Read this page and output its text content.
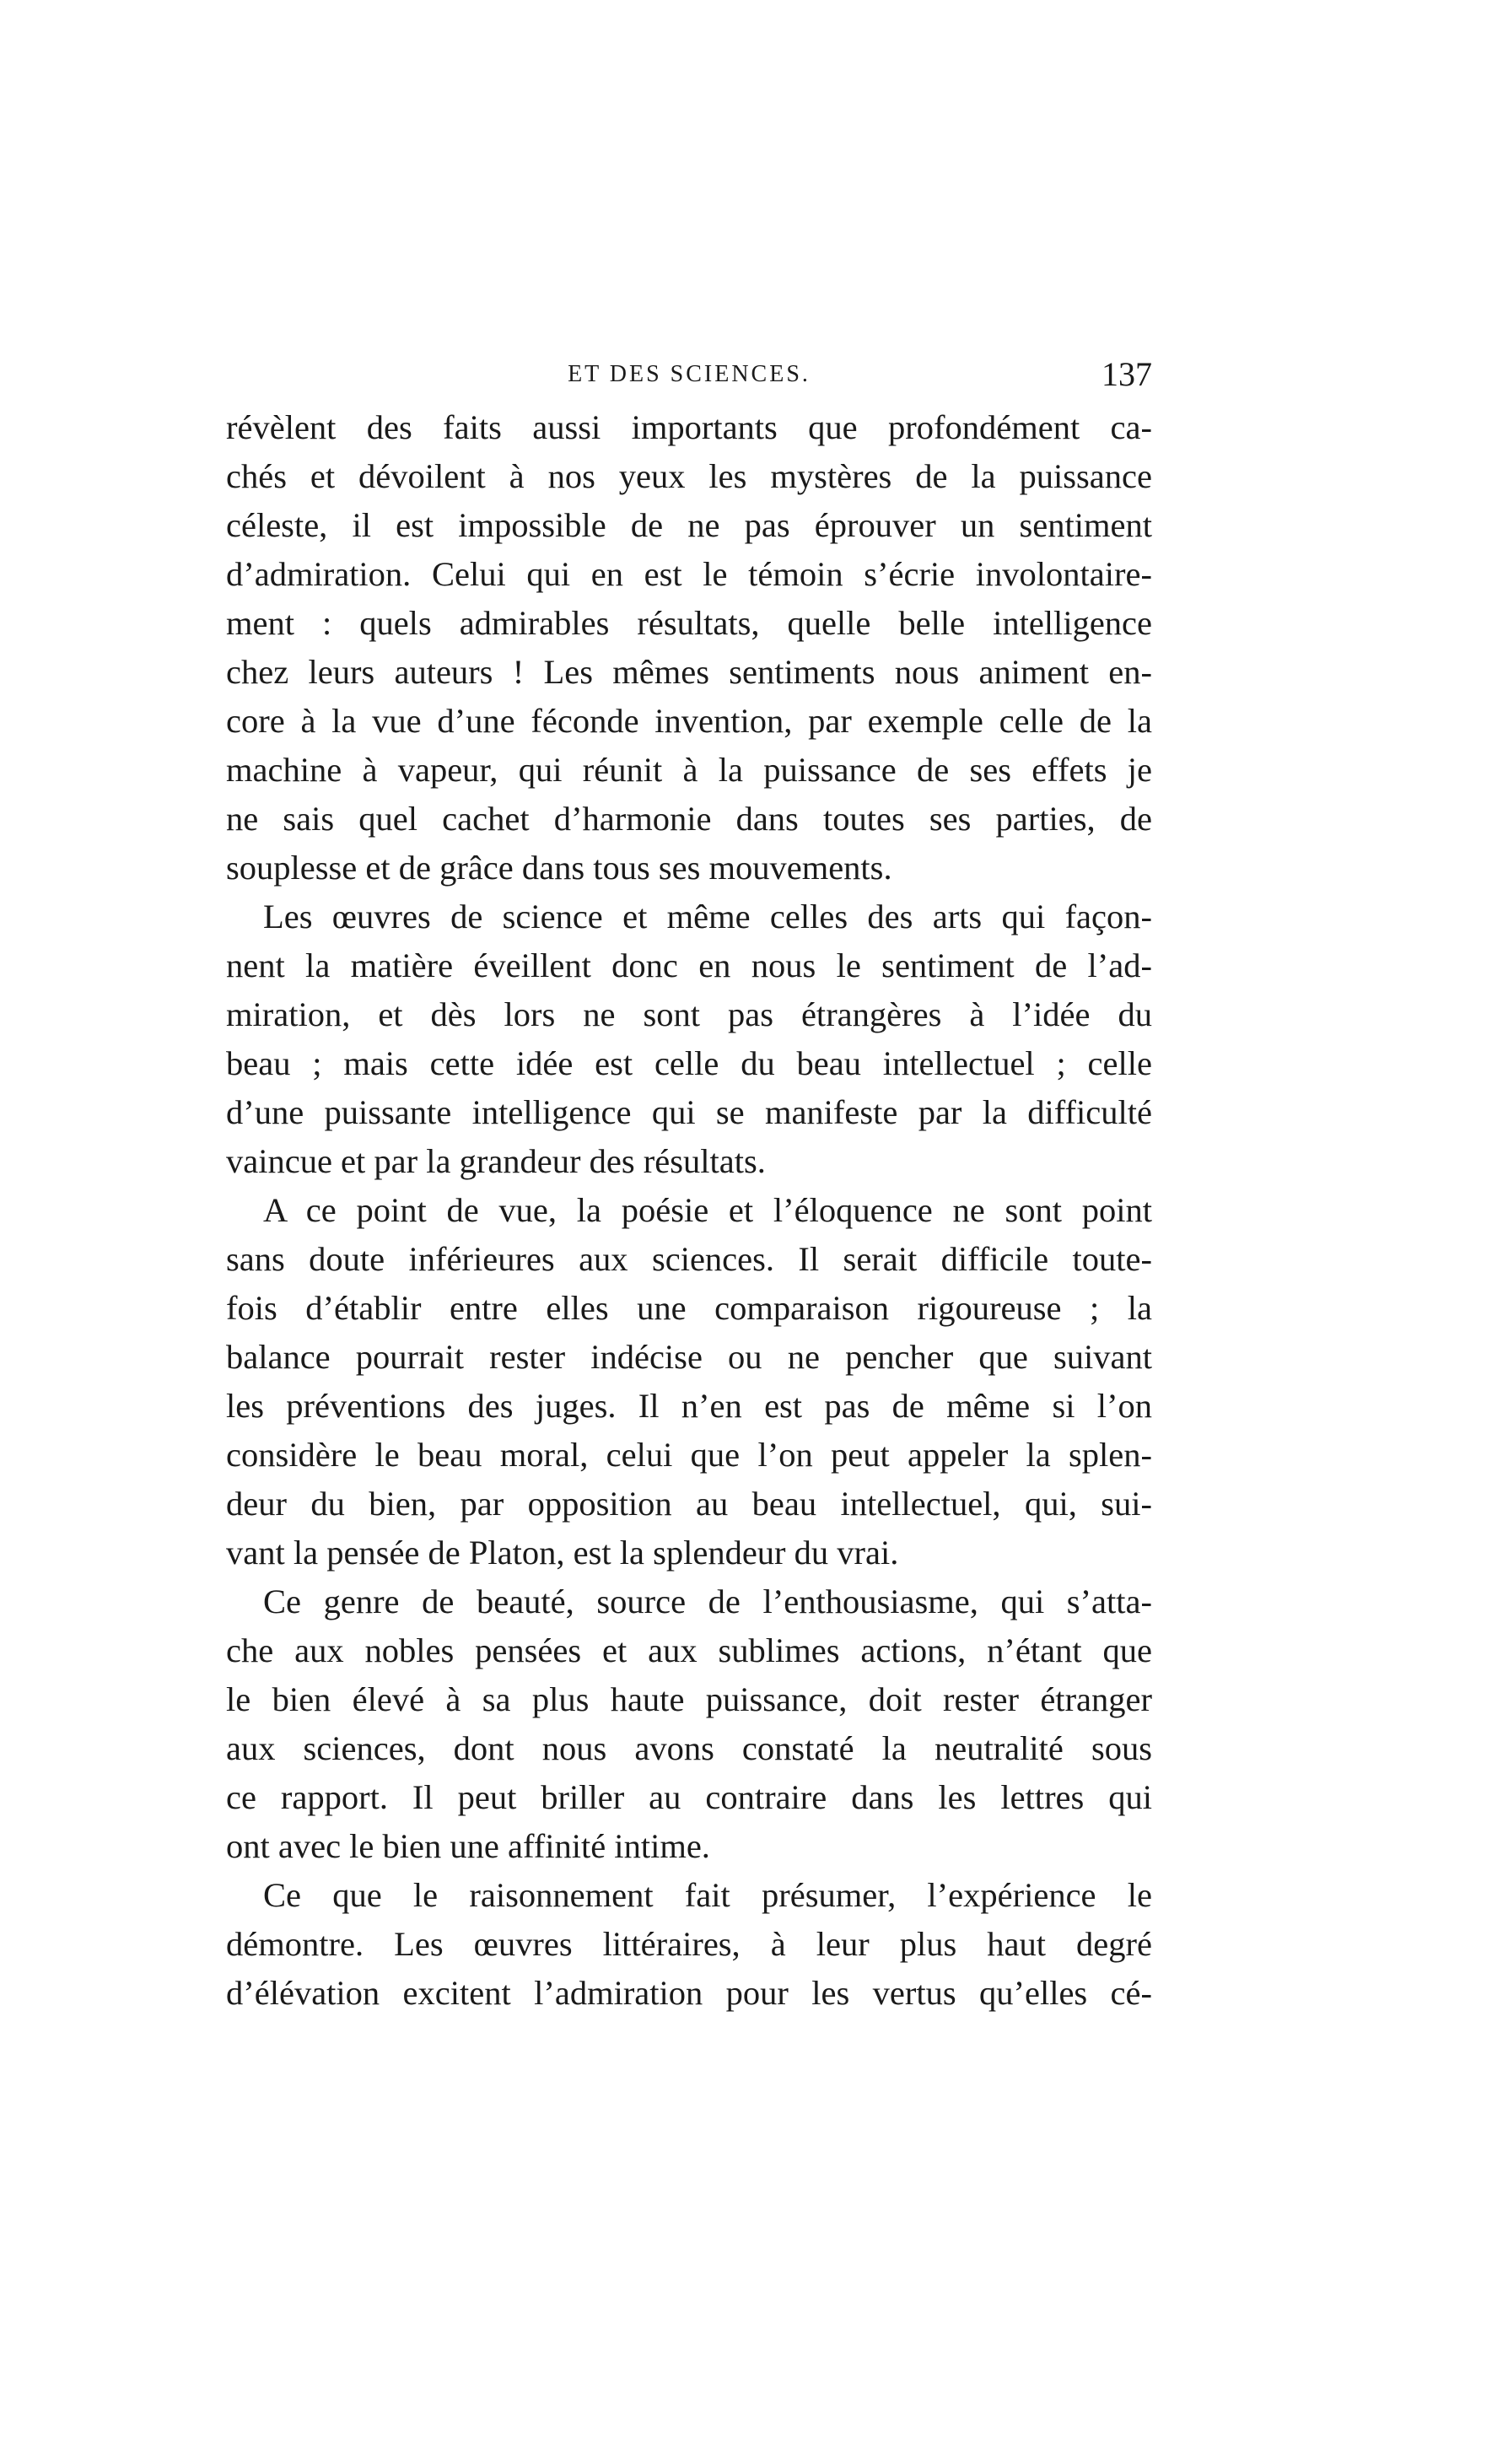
ET DES SCIENCES.	137
révèlent des faits aussi importants que profondément ca-
chés et dévoilent à nos yeux les mystères de la puissance
céleste, il est impossible de ne pas éprouver un sentiment
d’admiration. Celui qui en est le témoin s’écrie involontaire-
ment : quels admirables résultats, quelle belle intelligence
chez leurs auteurs ! Les mêmes sentiments nous animent en-
core à la vue d’une féconde invention, par exemple celle de la
machine à vapeur, qui réunit à la puissance de ses effets je
ne sais quel cachet d’harmonie dans toutes ses parties, de
souplesse et de grâce dans tous ses mouvements.
Les œuvres de science et même celles des arts qui façon-
nent la matière éveillent donc en nous le sentiment de l’ad-
miration, et dès lors ne sont pas étrangères à l’idée du
beau ; mais cette idée est celle du beau intellectuel ; celle
d’une puissante intelligence qui se manifeste par la difficulté
vaincue et par la grandeur des résultats.
A ce point de vue, la poésie et l’éloquence ne sont point
sans doute inférieures aux sciences. Il serait difficile toute-
fois d’établir entre elles une comparaison rigoureuse ; la
balance pourrait rester indécise ou ne pencher que suivant
les préventions des juges. Il n’en est pas de même si l’on
considère le beau moral, celui que l’on peut appeler la splen-
deur du bien, par opposition au beau intellectuel, qui, sui-
vant la pensée de Platon, est la splendeur du vrai.
Ce genre de beauté, source de l’enthousiasme, qui s’atta-
che aux nobles pensées et aux sublimes actions, n’étant que
le bien élevé à sa plus haute puissance, doit rester étranger
aux sciences, dont nous avons constaté la neutralité sous
ce rapport. Il peut briller au contraire dans les lettres qui
ont avec le bien une affinité intime.
Ce que le raisonnement fait présumer, l’expérience le
démontre. Les œuvres littéraires, à leur plus haut degré
d’élévation excitent l’admiration pour les vertus qu’elles cé-
